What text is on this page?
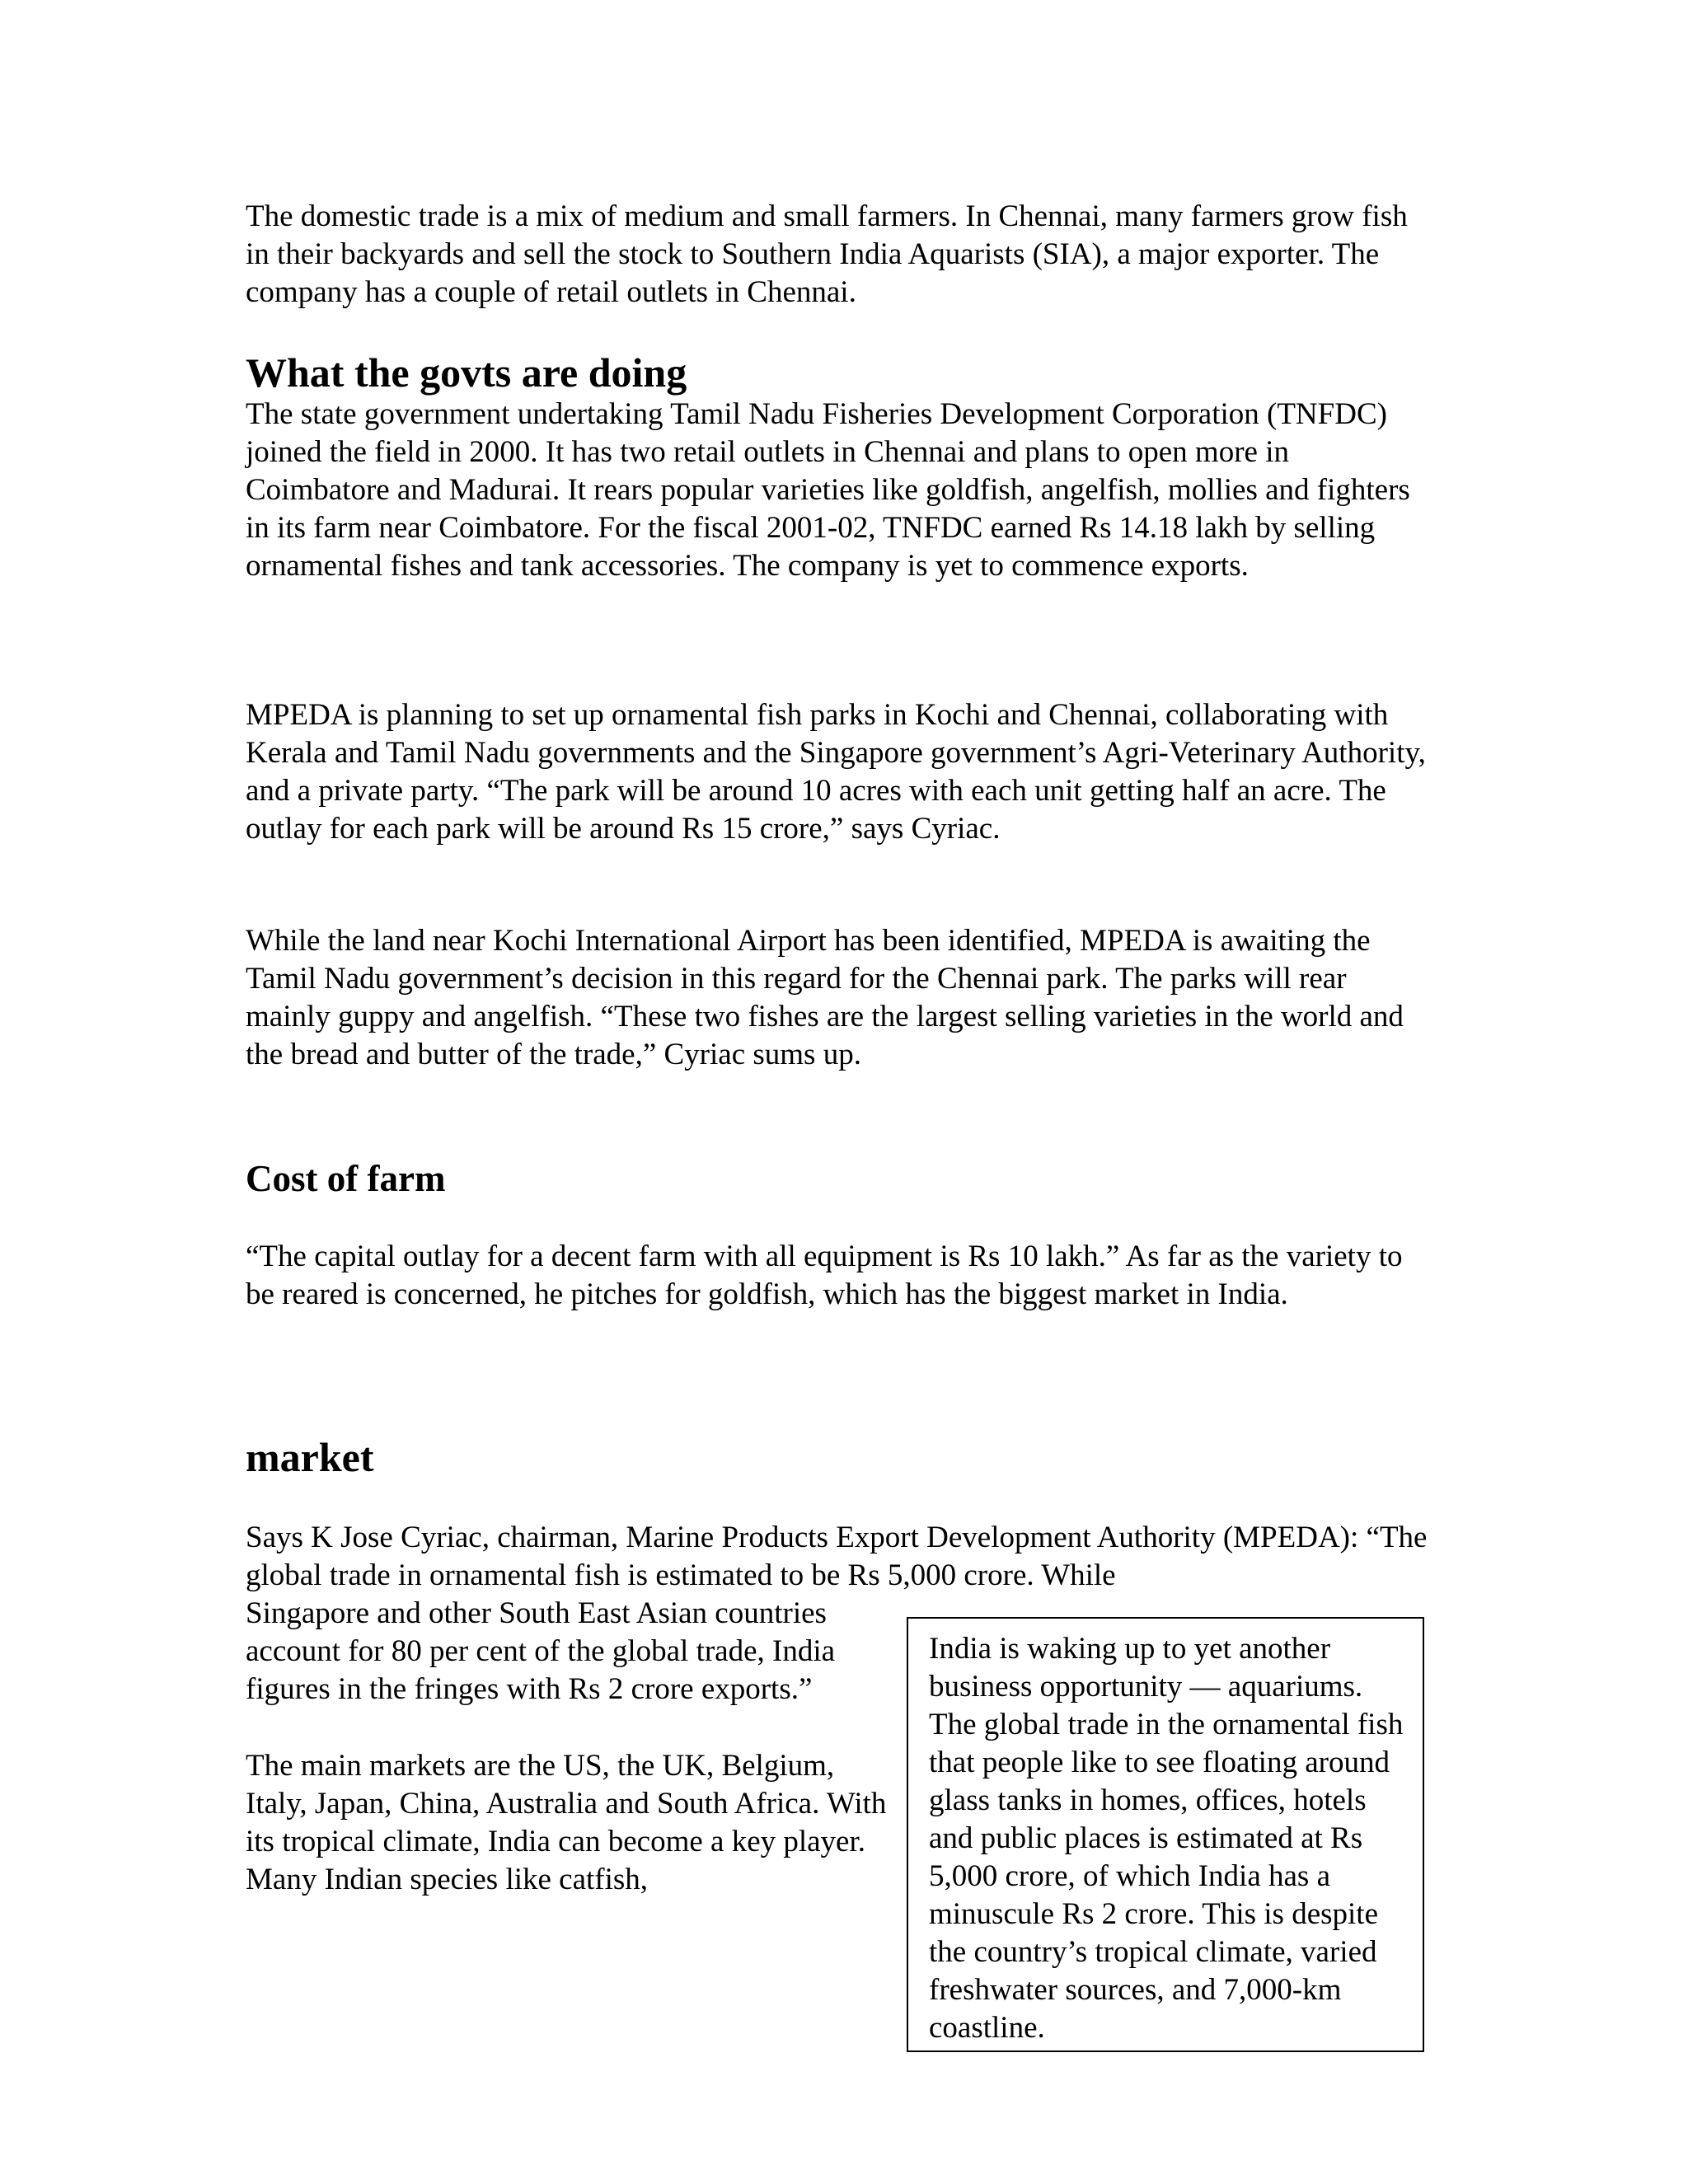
The domestic trade is a mix of medium and small farmers. In Chennai, many farmers grow fish in their backyards and sell the stock to Southern India Aquarists (SIA), a major exporter. The company has a couple of retail outlets in Chennai.

What the govts are doing

The state government undertaking Tamil Nadu Fisheries Development Corporation (TNFDC) joined the field in 2000. It has two retail outlets in Chennai and plans to open more in Coimbatore and Madurai. It rears popular varieties like goldfish, angelfish, mollies and fighters in its farm near Coimbatore. For the fiscal 2001-02, TNFDC earned Rs 14.18 lakh by selling ornamental fishes and tank accessories. The company is yet to commence exports.

MPEDA is planning to set up ornamental fish parks in Kochi and Chennai, collaborating with Kerala and Tamil Nadu governments and the Singapore government’s Agri-Veterinary Authority, and a private party. “The park will be around 10 acres with each unit getting half an acre. The outlay for each park will be around Rs 15 crore,” says Cyriac.

While the land near Kochi International Airport has been identified, MPEDA is awaiting the Tamil Nadu government’s decision in this regard for the Chennai park. The parks will rear mainly guppy and angelfish. “These two fishes are the largest selling varieties in the world and the bread and butter of the trade,” Cyriac sums up.

Cost of farm

“The capital outlay for a decent farm with all equipment is Rs 10 lakh.” As far as the variety to be reared is concerned, he pitches for goldfish, which has the biggest market in India.

market

Says K Jose Cyriac, chairman, Marine Products Export Development Authority (MPEDA): “The global trade in ornamental fish is estimated to be Rs 5,000 crore. While

Singapore and other South East Asian countries account for 80 per cent of the global trade, India figures in the fringes with Rs 2 crore exports.”

The main markets are the US, the UK, Belgium, Italy, Japan, China, Australia and South Africa. With its tropical climate, India can become a key player. Many Indian species like catfish,

India is waking up to yet another business opportunity — aquariums. The global trade in the ornamental fish that people like to see floating around glass tanks in homes, offices, hotels and public places is estimated at Rs 5,000 crore, of which India has a minuscule Rs 2 crore. This is despite the country’s tropical climate, varied freshwater sources, and 7,000-km coastline.
